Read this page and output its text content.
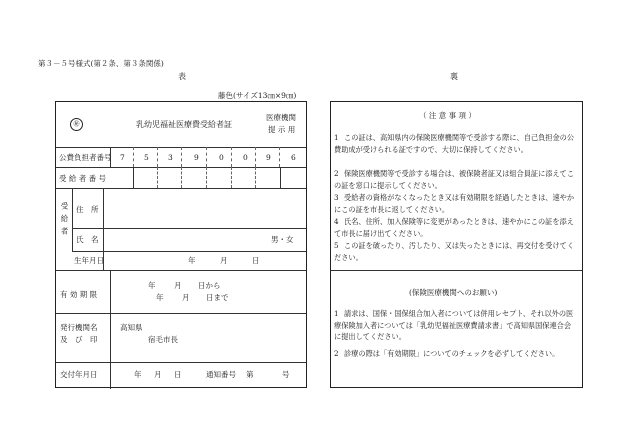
第３－５号様式(第２条、第３条関係)
表	裏
藤色(サイズ13㎝×9㎝)
㊙	乳幼児福祉医療費受給者証
医療機関
提 示 用
公費負担者番号 7	5	3	9	0	0 9	6
受 給 者 番 号
受給者 住　所
氏　名	男・女
生年月日	年	月	日
有 効 期 限
年 月 日から
年 月 日まで
発行機関名
及　び　印
高知県
宿毛市長
交付年月日	年 月 日	通知番号 第	号
（ 注 意 事 項 ）
1 この証は、高知県内の保険医療機関等で受診する際に、自己負担金の公費助成が受けられる証ですので、大切に保持してください。
2 保険医療機関等で受診する場合は、被保険者証又は組合員証に添えてこの証を窓口に提示してください。
3 受給者の資格がなくなったとき又は有効期限を経過したときは、速やかにこの証を市長に返してください。
4 氏名、住所、加入保険等に変更があったときは、速やかにこの証を添えて市長に届け出てください。
5 この証を破ったり、汚したり、又は失ったときには、再交付を受けてください。
(保険医療機関へのお願い)
1 請求は、国保・国保組合加入者については併用レセプト、それ以外の医療保険加入者については「乳幼児福祉医療費請求書」で高知県国保連合会に提出してください。
2 診療の際は「有効期限」についてのチェックを必ずしてください。
